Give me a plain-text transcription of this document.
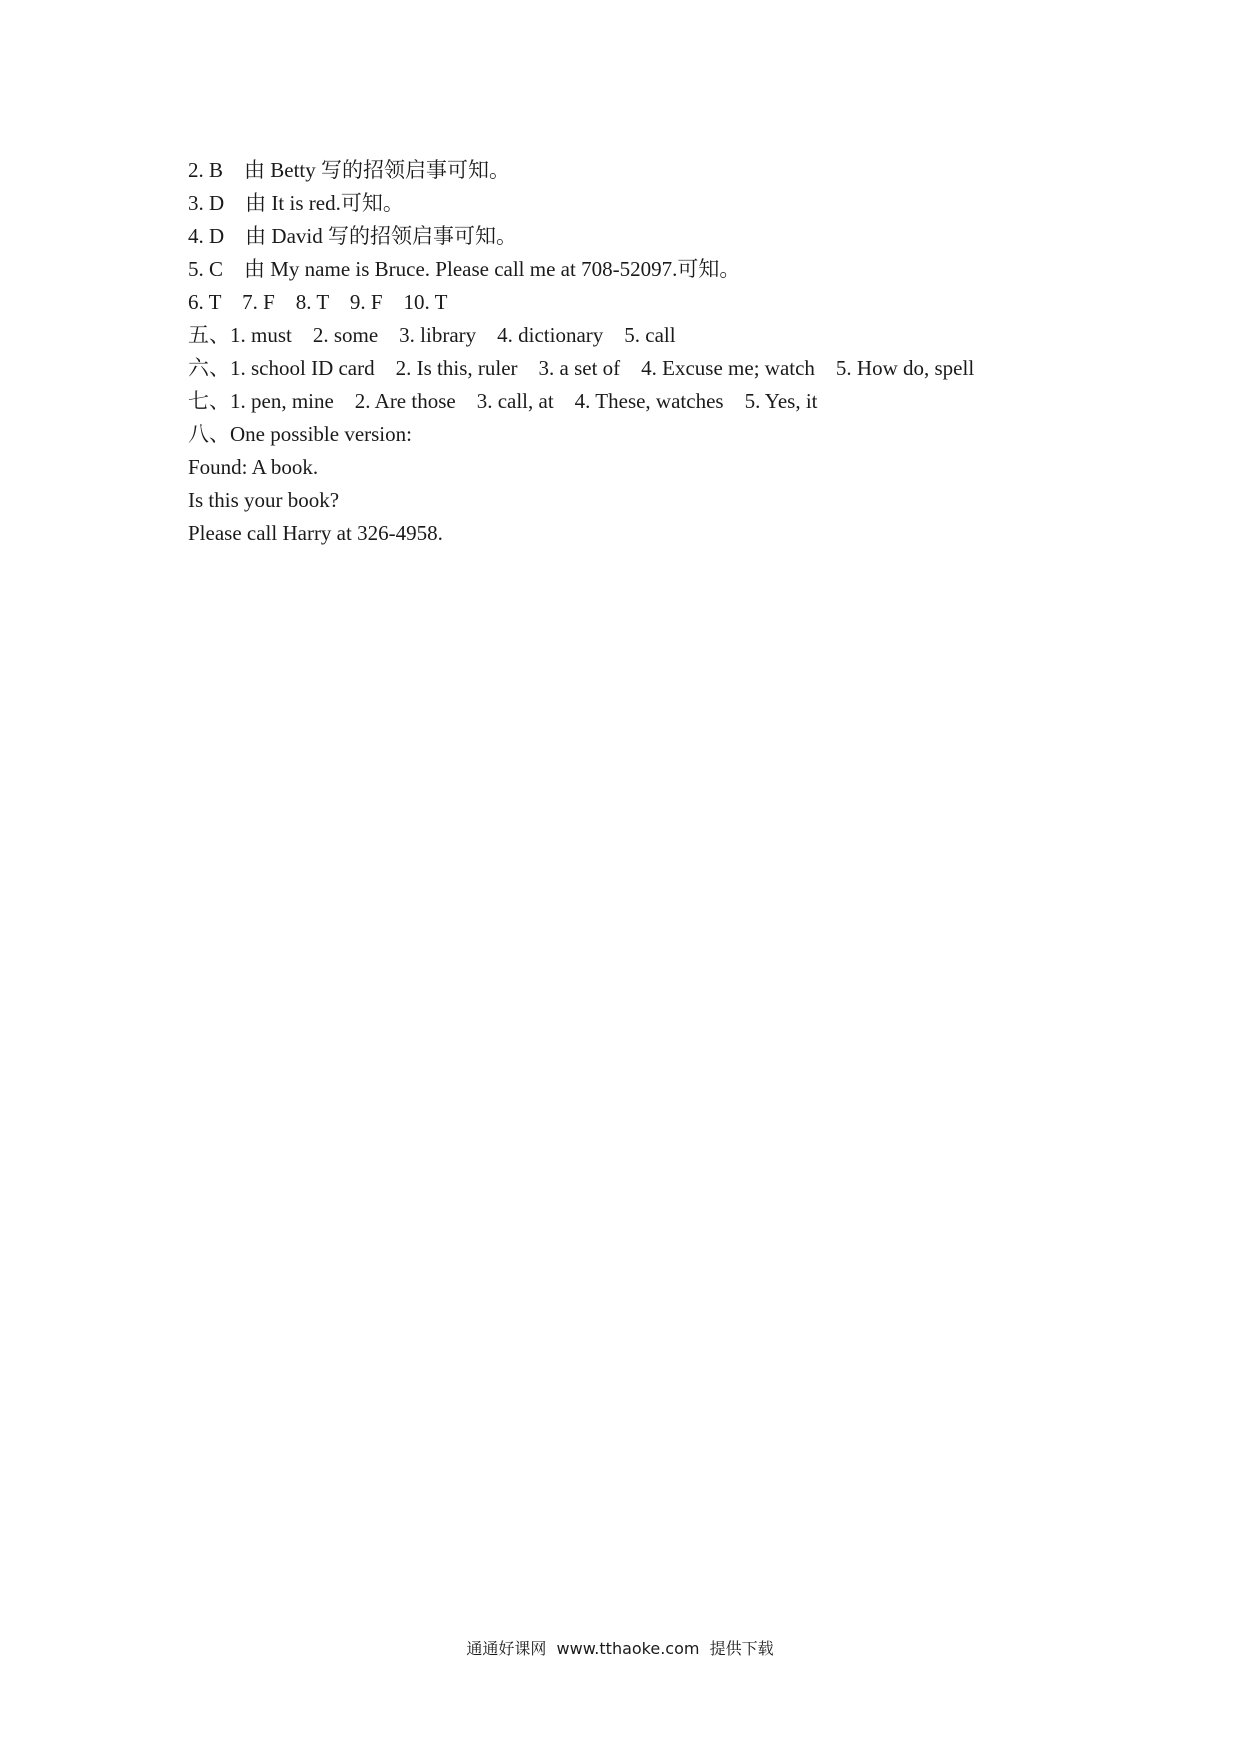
2. B    由 Betty 写的招领启事可知。
3. D    由 It is red.可知。
4. D    由 David 写的招领启事可知。
5. C    由 My name is Bruce. Please call me at 708-52097.可知。
6. T    7. F    8. T    9. F    10. T
五、1. must    2. some    3. library    4. dictionary    5. call
六、1. school ID card    2. Is this, ruler    3. a set of    4. Excuse me; watch    5. How do, spell
七、1. pen, mine    2. Are those    3. call, at    4. These, watches    5. Yes, it
八、One possible version:
Found: A book.
Is this your book?
Please call Harry at 326-4958.
通通好课网  www.tthaoke.com  提供下载
